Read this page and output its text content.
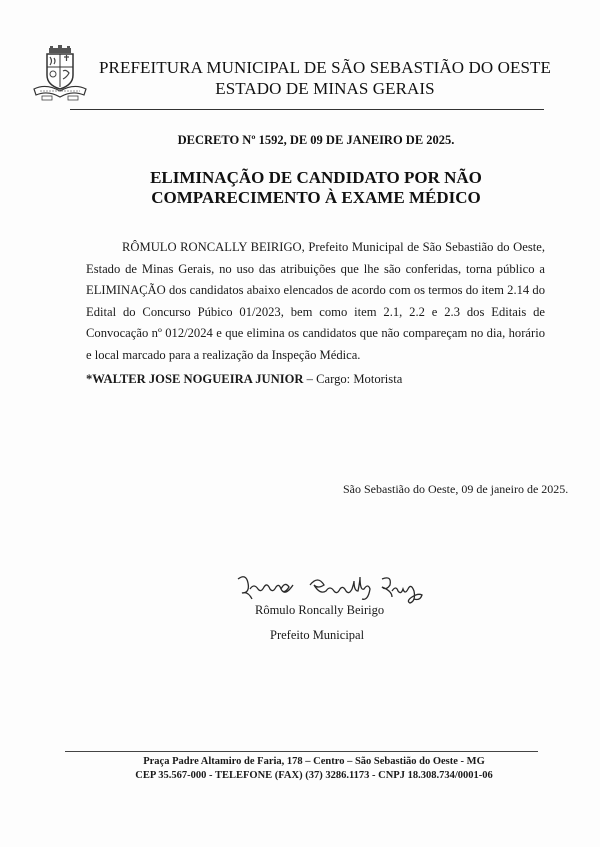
PREFEITURA MUNICIPAL DE SÃO SEBASTIÃO DO OESTE
ESTADO DE MINAS GERAIS
DECRETO Nº 1592, DE 09 DE JANEIRO DE 2025.
ELIMINAÇÃO DE CANDIDATO POR NÃO
COMPARECIMENTO À EXAME MÉDICO
RÔMULO RONCALLY BEIRIGO, Prefeito Municipal de São Sebastião do Oeste, Estado de Minas Gerais, no uso das atribuições que lhe são conferidas, torna público a ELIMINAÇÃO dos candidatos abaixo elencados de acordo com os termos do item 2.14 do Edital do Concurso Púbico 01/2023, bem como item 2.1, 2.2 e 2.3 dos Editais de Convocação nº 012/2024 e que elimina os candidatos que não compareçam no dia, horário e local marcado para a realização da Inspeção Médica.
*WALTER JOSE NOGUEIRA JUNIOR – Cargo: Motorista
São Sebastião do Oeste, 09 de janeiro de 2025.
Rômulo Roncally Beirigo
Prefeito Municipal
Praça Padre Altamiro de Faria, 178 – Centro – São Sebastião do Oeste - MG
CEP 35.567-000 - TELEFONE (FAX) (37) 3286.1173 - CNPJ 18.308.734/0001-06
